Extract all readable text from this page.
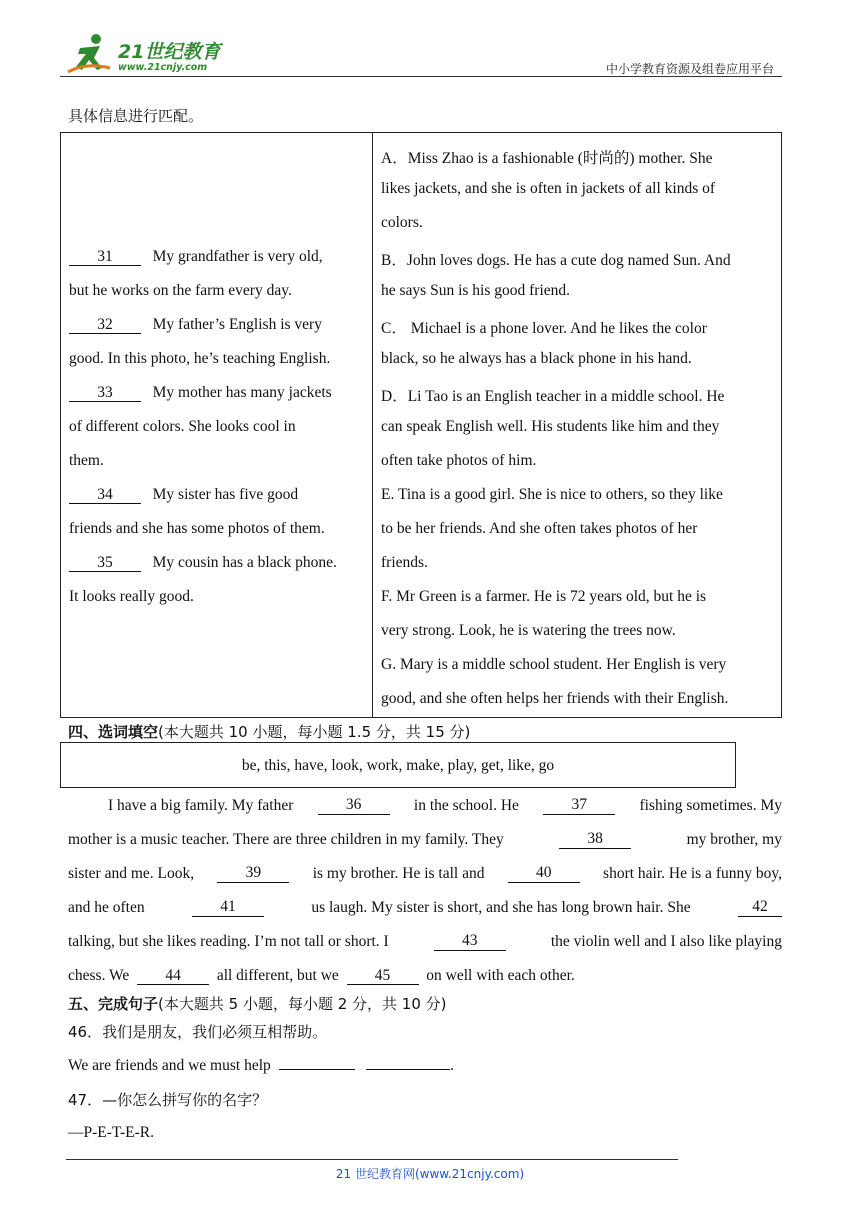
21世纪教育
www.21cnjy.com	中小学教育资源及组卷应用平台
具体信息进行匹配。
31	My grandfather is very old,
but he works on the farm every day.
32	My father’s English is very
good. In this photo, he’s teaching English.
33	My mother has many jackets
of different colors. She looks cool in
them.
34	My sister has five good
friends and she has some photos of them.
35	My cousin has a black phone.
It looks really good.
A．Miss Zhao is a fashionable (时尚的) mother. She
likes jackets, and she is often in jackets of all kinds of
colors.
B．John loves dogs. He has a cute dog named Sun. And
he says Sun is his good friend.
C． Michael is a phone lover. And he likes the color
black, so he always has a black phone in his hand.
D．Li Tao is an English teacher in a middle school. He
can speak English well. His students like him and they
often take photos of him.
E. Tina is a good girl. She is nice to others, so they like
to be her friends. And she often takes photos of her
friends.
F. Mr Green is a farmer. He is 72 years old, but he is
very strong. Look, he is watering the trees now.
G. Mary is a middle school student. Her English is very
good, and she often helps her friends with their English.
四、选词填空(本大题共 10 小题，每小题 1.5 分，共 15 分)
be, this, have, look, work, make, play, get, like, go
I have a big family. My father	36	in the school. He	37	fishing sometimes. My
mother is a music teacher. There are three children in my family. They	38	my brother, my
sister and me. Look,	39	is my brother. He is tall and	40	short hair. He is a funny boy,
and he often	41	us laugh. My sister is short, and she has long brown hair. She	42
talking, but she likes reading. I’m not tall or short. I	43	the violin well and I also like playing
chess. We 44 all different, but we 45 on well with each other.
五、完成句子(本大题共 5 小题，每小题 2 分，共 10 分)
46．我们是朋友，我们必须互相帮助。
We are friends and we must help	.
47．—你怎么拼写你的名字？
—P-E-T-E-R.
21 世纪教育网(www.21cnjy.com)
